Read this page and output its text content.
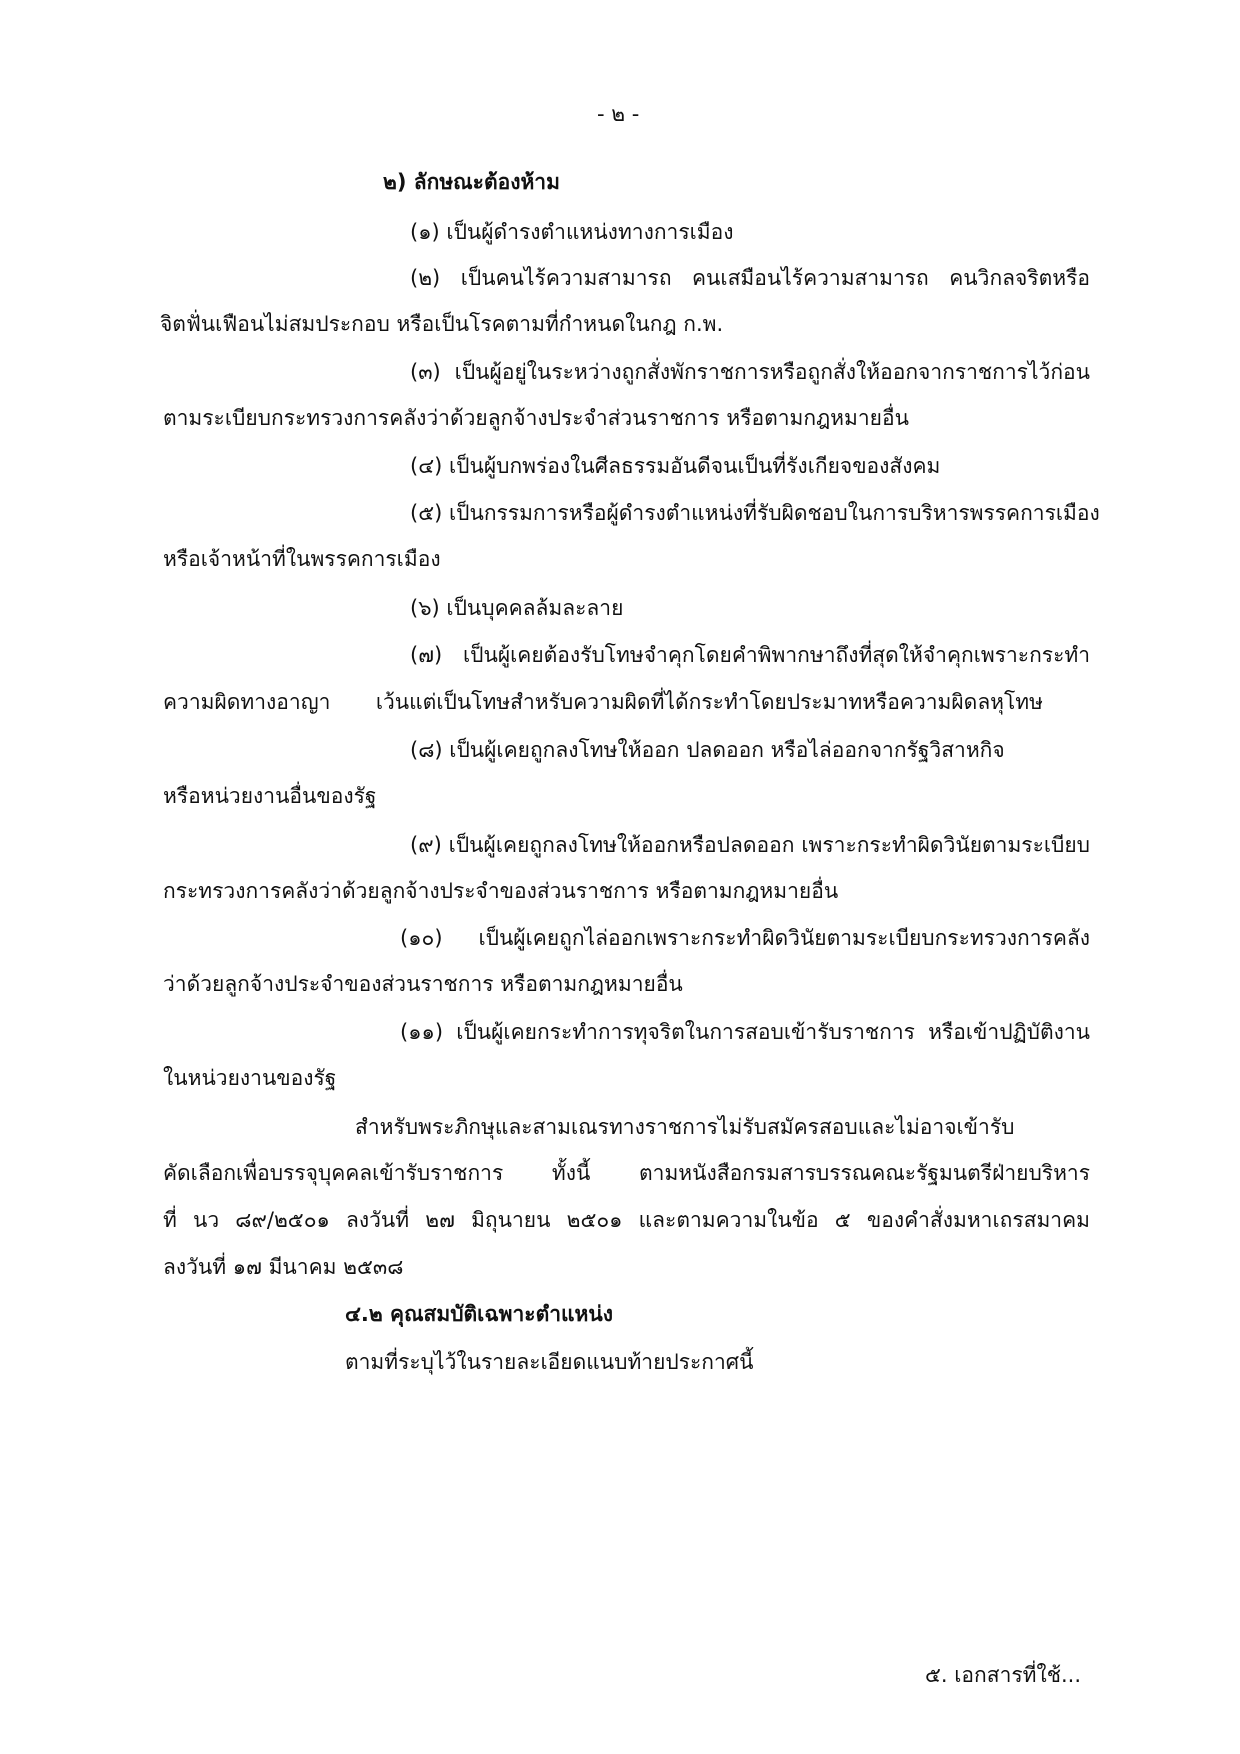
- ๒ -
๒) ลักษณะต้องห้าม
(๑) เป็นผู้ดำรงตำแหน่งทางการเมือง
(๒) เป็นคนไร้ความสามารถ คนเสมือนไร้ความสามารถ คนวิกลจริตหรือ
จิตฟั่นเฟือนไม่สมประกอบ หรือเป็นโรคตามที่กำหนดในกฎ ก.พ.
(๓) เป็นผู้อยู่ในระหว่างถูกสั่งพักราชการหรือถูกสั่งให้ออกจากราชการไว้ก่อน
ตามระเบียบกระทรวงการคลังว่าด้วยลูกจ้างประจำส่วนราชการ หรือตามกฎหมายอื่น
(๔) เป็นผู้บกพร่องในศีลธรรมอันดีจนเป็นที่รังเกียจของสังคม
(๕) เป็นกรรมการหรือผู้ดำรงตำแหน่งที่รับผิดชอบในการบริหารพรรคการเมือง
หรือเจ้าหน้าที่ในพรรคการเมือง
(๖) เป็นบุคคลล้มละลาย
(๗) เป็นผู้เคยต้องรับโทษจำคุกโดยคำพิพากษาถึงที่สุดให้จำคุกเพราะกระทำ
ความผิดทางอาญา เว้นแต่เป็นโทษสำหรับความผิดที่ได้กระทำโดยประมาทหรือความผิดลหุโทษ
(๘) เป็นผู้เคยถูกลงโทษให้ออก ปลดออก หรือไล่ออกจากรัฐวิสาหกิจ
หรือหน่วยงานอื่นของรัฐ
(๙) เป็นผู้เคยถูกลงโทษให้ออกหรือปลดออก เพราะกระทำผิดวินัยตามระเบียบ
กระทรวงการคลังว่าด้วยลูกจ้างประจำของส่วนราชการ หรือตามกฎหมายอื่น
(๑๐) เป็นผู้เคยถูกไล่ออกเพราะกระทำผิดวินัยตามระเบียบกระทรวงการคลัง
ว่าด้วยลูกจ้างประจำของส่วนราชการ หรือตามกฎหมายอื่น
(๑๑) เป็นผู้เคยกระทำการทุจริตในการสอบเข้ารับราชการ หรือเข้าปฏิบัติงาน
ในหน่วยงานของรัฐ
สำหรับพระภิกษุและสามเณรทางราชการไม่รับสมัครสอบและไม่อาจเข้ารับ
คัดเลือกเพื่อบรรจุบุคคลเข้ารับราชการ ทั้งนี้ ตามหนังสือกรมสารบรรณคณะรัฐมนตรีฝ่ายบริหาร
ที่ นว ๘๙/๒๕๐๑ ลงวันที่ ๒๗ มิถุนายน ๒๕๐๑ และตามความในข้อ ๕ ของคำสั่งมหาเถรสมาคม
ลงวันที่ ๑๗ มีนาคม ๒๕๓๘
๔.๒ คุณสมบัติเฉพาะตำแหน่ง
ตามที่ระบุไว้ในรายละเอียดแนบท้ายประกาศนี้
๕. เอกสารที่ใช้...
